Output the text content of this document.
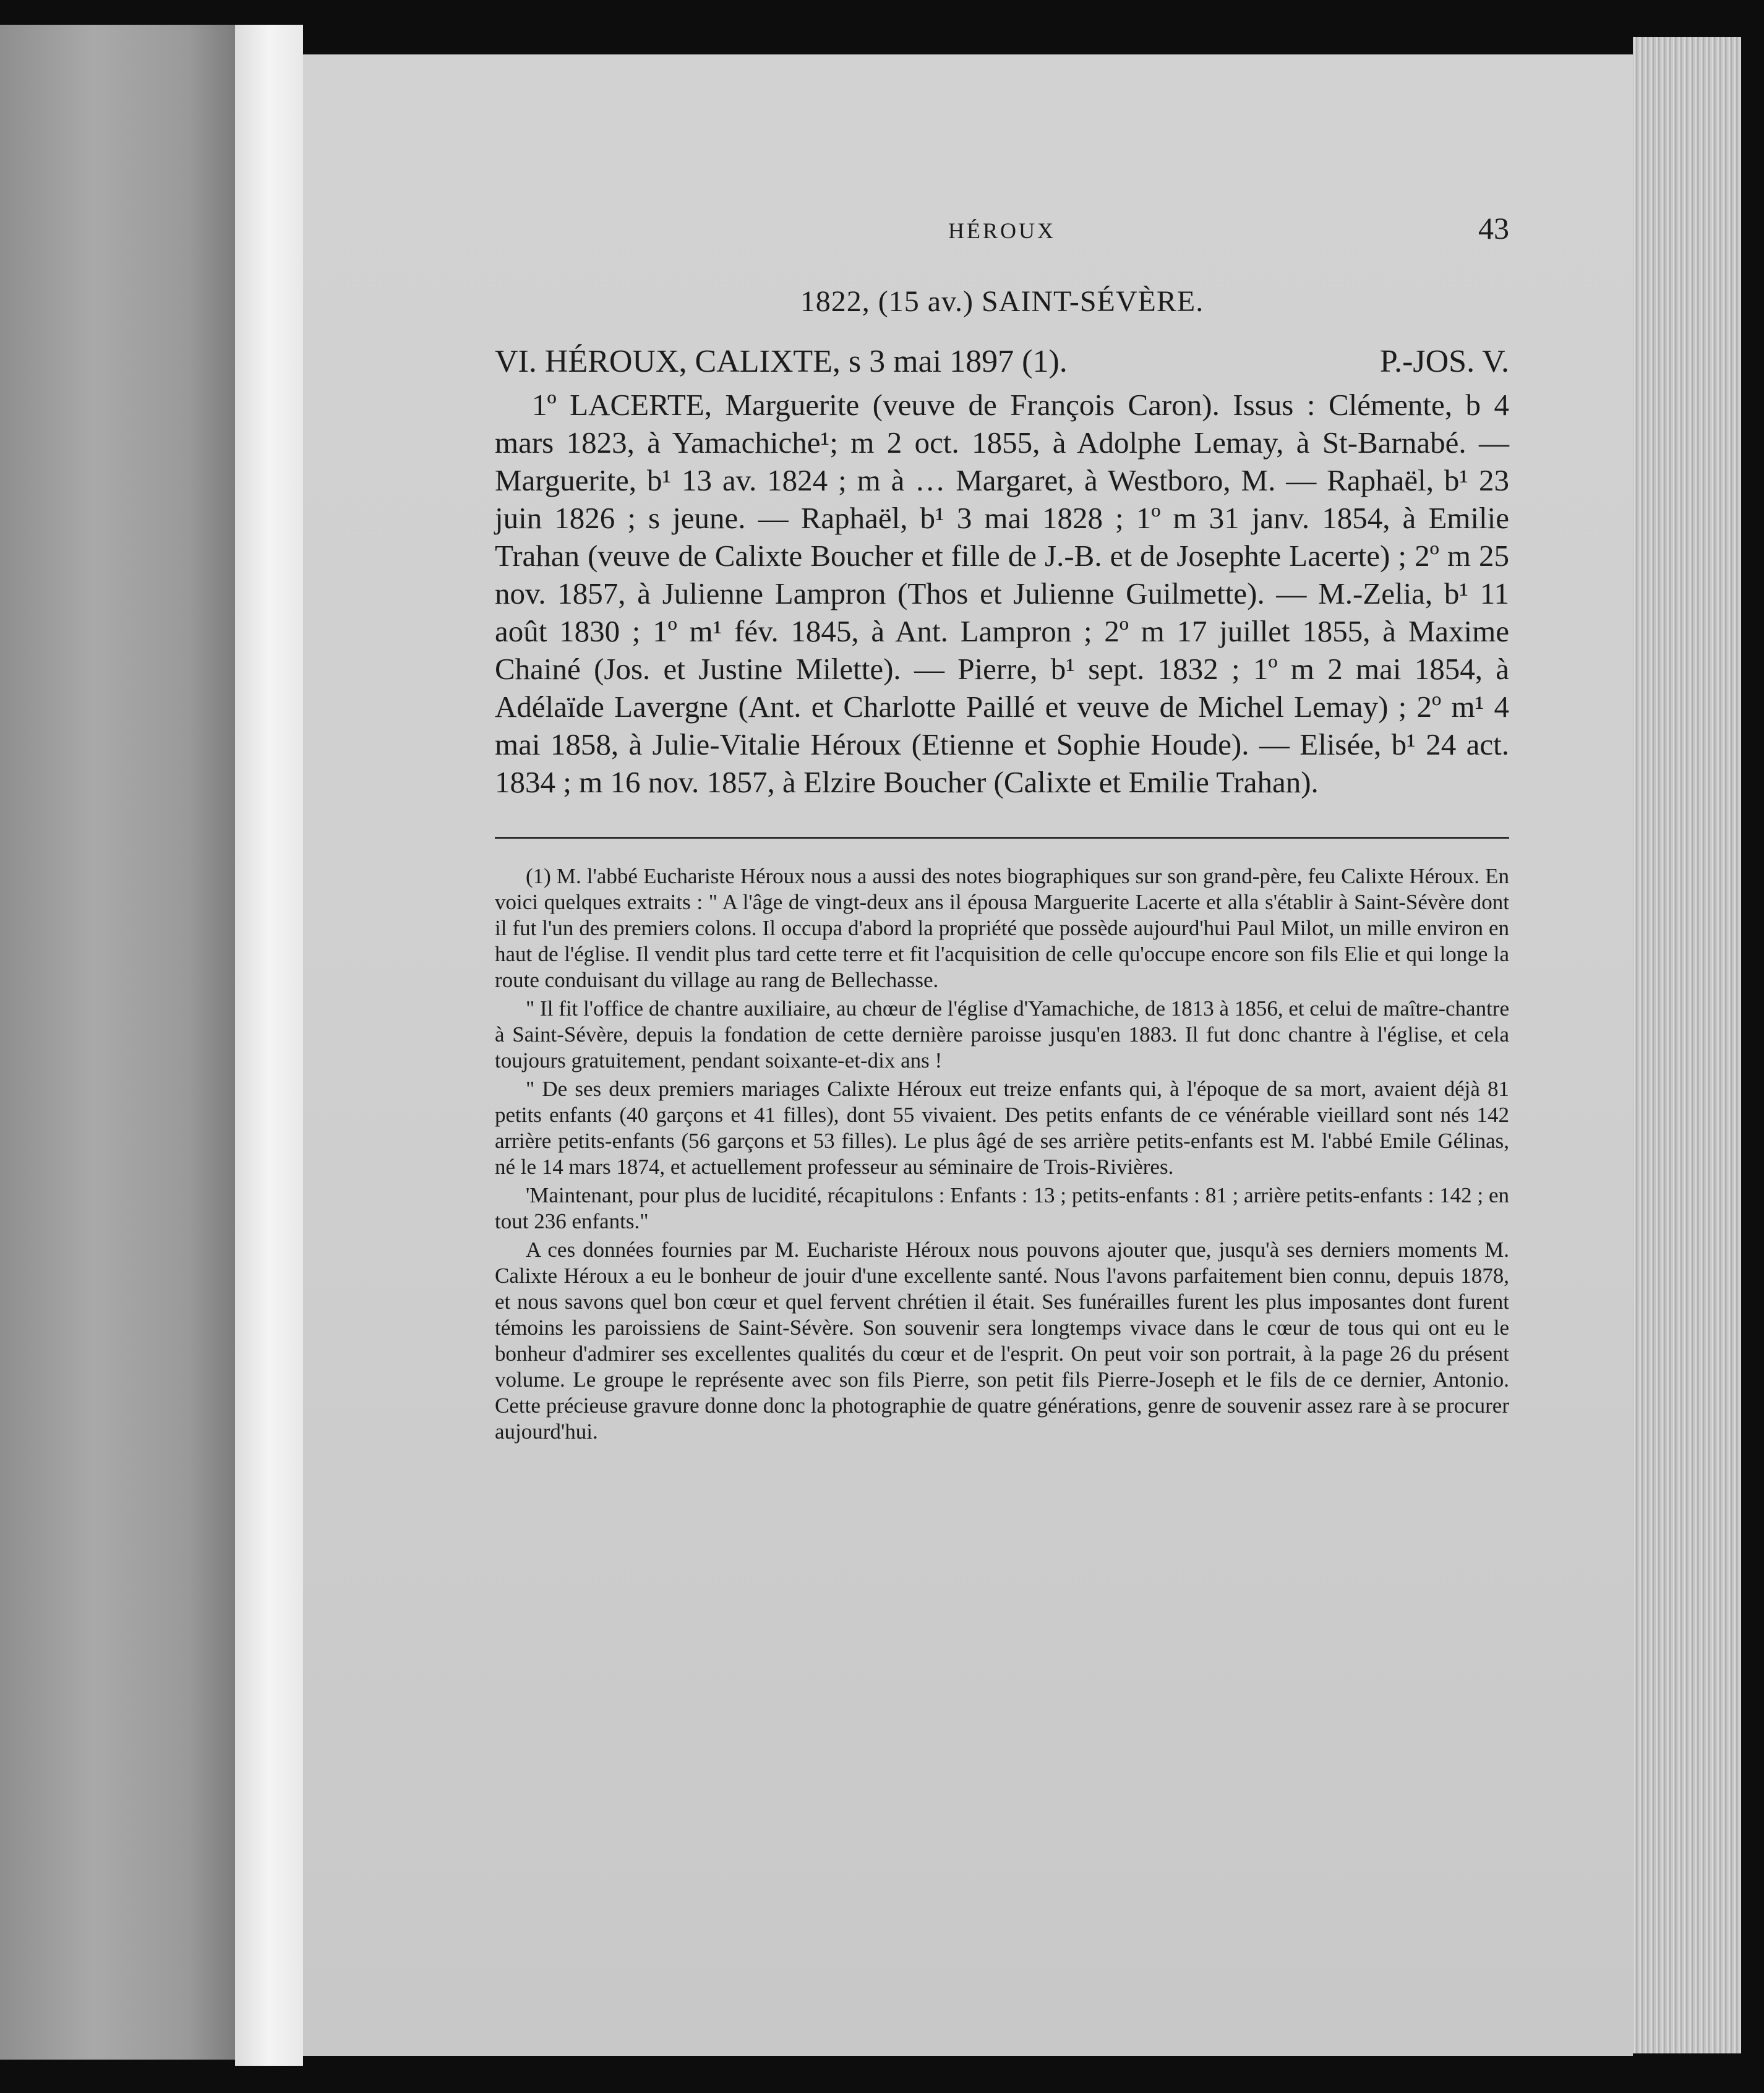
HÉROUX	43
1822, (15 av.) SAINT-SÉVÈRE.
VI. HÉROUX, CALIXTE, s 3 mai 1897 (1).	P.-JOS. V.

1º LACERTE, Marguerite (veuve de François Caron). Issus : Clémente, b 4 mars 1823, à Yamachiche¹; m 2 oct. 1855, à Adolphe Lemay, à St-Barnabé. — Marguerite, b¹ 13 av. 1824 ; m à … Margaret, à Westboro, M. — Raphaël, b¹ 23 juin 1826 ; s jeune. — Raphaël, b¹ 3 mai 1828 ; 1º m 31 janv. 1854, à Emilie Trahan (veuve de Calixte Boucher et fille de J.-B. et de Josephte Lacerte) ; 2º m 25 nov. 1857, à Julienne Lampron (Thos et Julienne Guilmette). — M.-Zelia, b¹ 11 août 1830 ; 1º m¹ fév. 1845, à Ant. Lampron ; 2º m 17 juillet 1855, à Maxime Chainé (Jos. et Justine Milette). — Pierre, b¹ sept. 1832 ; 1º m 2 mai 1854, à Adélaïde Lavergne (Ant. et Charlotte Paillé et veuve de Michel Lemay) ; 2º m¹ 4 mai 1858, à Julie-Vitalie Héroux (Etienne et Sophie Houde). — Elisée, b¹ 24 act. 1834 ; m 16 nov. 1857, à Elzire Boucher (Calixte et Emilie Trahan).

(1) M. l'abbé Eucharistе Héroux nous a aussi des notes biographiques sur son grand-père, feu Calixte Héroux. En voici quelques extraits : " A l'âge de vingt-deux ans il épousa Marguerite Lacerte et alla s'établir à Saint-Sévère dont il fut l'un des premiers colons. Il occupa d'abord la propriété que possède aujourd'hui Paul Milot, un mille environ en haut de l'église. Il vendit plus tard cette terre et fit l'acquisition de celle qu'occupe encore son fils Elie et qui longe la route conduisant du village au rang de Bellechasse.

" Il fit l'office de chantre auxiliaire, au chœur de l'église d'Yamachiche, de 1813 à 1856, et celui de maître-chantre à Saint-Sévère, depuis la fondation de cette dernière paroisse jusqu'en 1883. Il fut donc chantre à l'église, et cela toujours gratuitement, pendant soixante-et-dix ans !

" De ses deux premiers mariages Calixte Héroux eut treize enfants qui, à l'époque de sa mort, avaient déjà 81 petits enfants (40 garçons et 41 filles), dont 55 vivaient. Des petits enfants de ce vénérable vieillard sont nés 142 arrière petits-enfants (56 garçons et 53 filles). Le plus âgé de ses arrière petits-enfants est M. l'abbé Emile Gélinas, né le 14 mars 1874, et actuellement professeur au séminaire de Trois-Rivières.

'Maintenant, pour plus de lucidité, récapitulons : Enfants : 13 ; petits-enfants : 81 ; arrière petits-enfants : 142 ; en tout 236 enfants."

A ces données fournies par M. Eucharistе Héroux nous pouvons ajouter que, jusqu'à ses derniers moments M. Calixte Héroux a eu le bonheur de jouir d'une excellente santé. Nous l'avons parfaitement bien connu, depuis 1878, et nous savons quel bon cœur et quel fervent chrétien il était. Ses funérailles furent les plus imposantes dont furent témoins les paroissiens de Saint-Sévère. Son souvenir sera longtemps vivace dans le cœur de tous qui ont eu le bonheur d'admirer ses excellentes qualités du cœur et de l'esprit. On peut voir son portrait, à la page 26 du présent volume. Le groupe le représente avec son fils Pierre, son petit fils Pierre-Joseph et le fils de ce dernier, Antonio. Cette précieuse gravure donne donc la photographie de quatre générations, genre de souvenir assez rare à se procurer aujourd'hui.
